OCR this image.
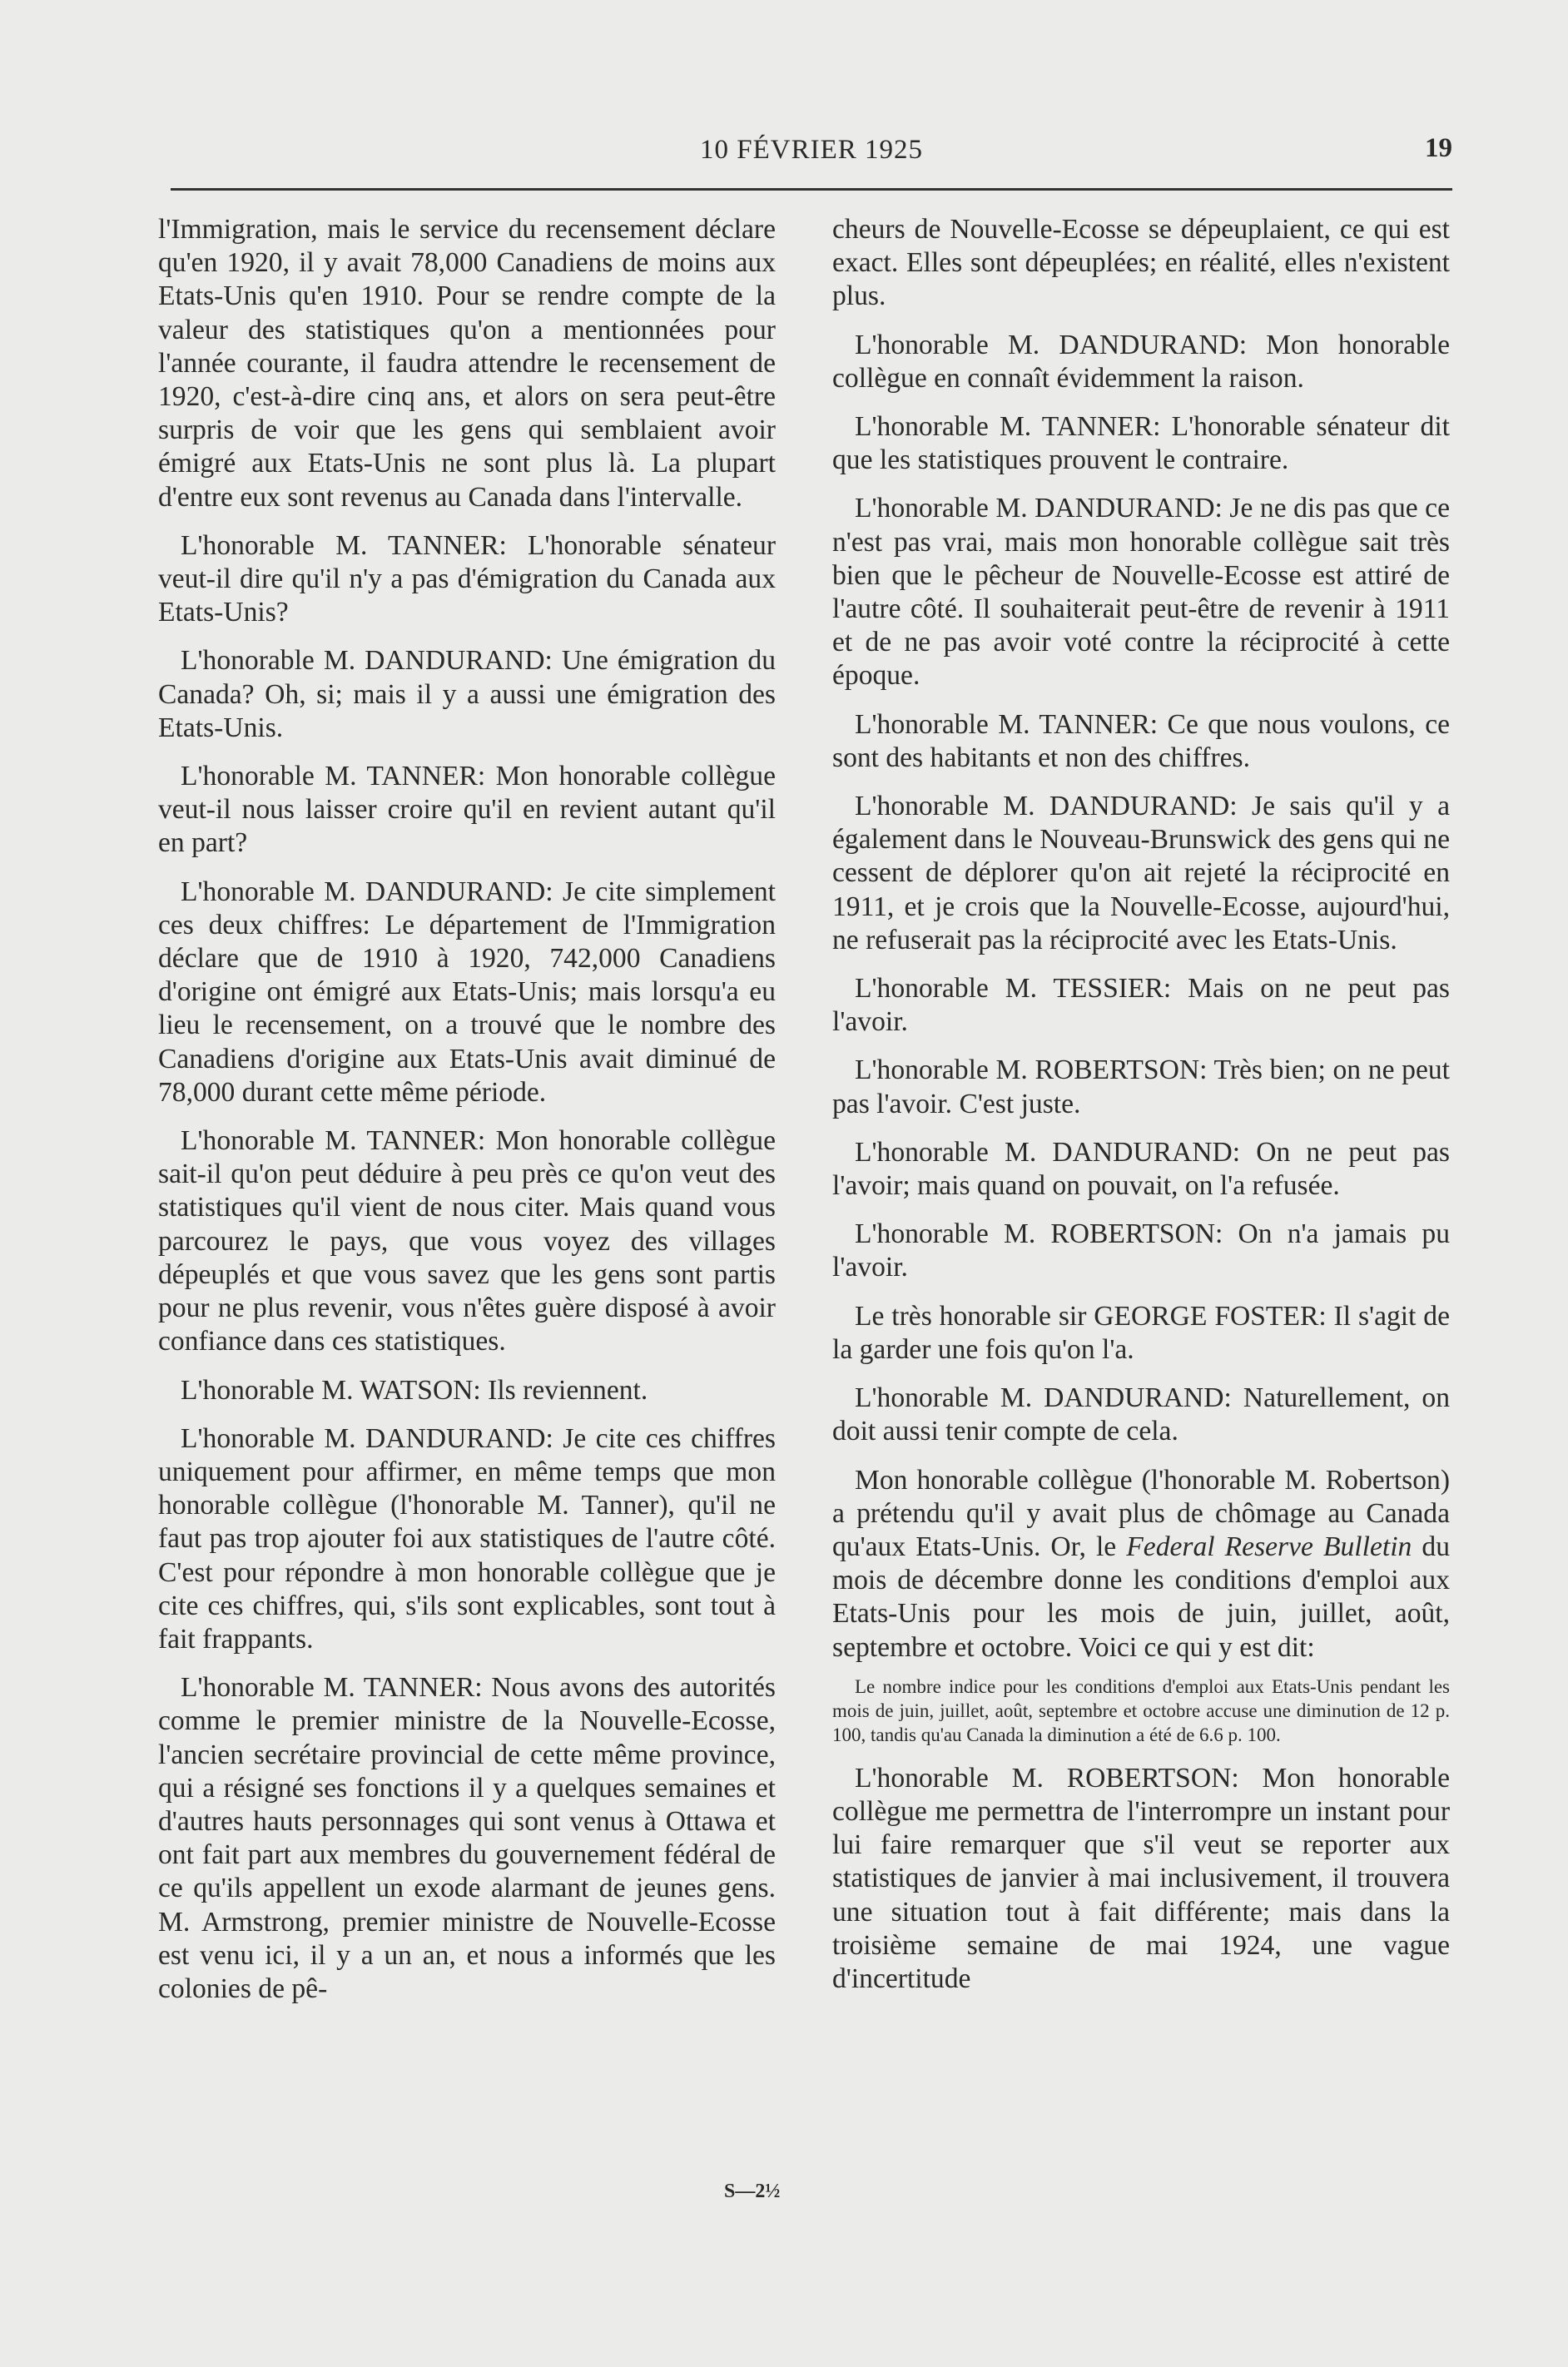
10 FÉVRIER 1925	19

l'Immigration, mais le service du recensement déclare qu'en 1920, il y avait 78,000 Canadiens de moins aux Etats-Unis qu'en 1910. Pour se rendre compte de la valeur des statistiques qu'on a mentionnées pour l'année courante, il faudra attendre le recensement de 1920, c'est-à-dire cinq ans, et alors on sera peut-être surpris de voir que les gens qui semblaient avoir émigré aux Etats-Unis ne sont plus là. La plupart d'entre eux sont revenus au Canada dans l'intervalle.

L'honorable M. TANNER: L'honorable sénateur veut-il dire qu'il n'y a pas d'émigration du Canada aux Etats-Unis?

L'honorable M. DANDURAND: Une émigration du Canada? Oh, si; mais il y a aussi une émigration des Etats-Unis.

L'honorable M. TANNER: Mon honorable collègue veut-il nous laisser croire qu'il en revient autant qu'il en part?

L'honorable M. DANDURAND: Je cite simplement ces deux chiffres: Le département de l'Immigration déclare que de 1910 à 1920, 742,000 Canadiens d'origine ont émigré aux Etats-Unis; mais lorsqu'a eu lieu le recensement, on a trouvé que le nombre des Canadiens d'origine aux Etats-Unis avait diminué de 78,000 durant cette même période.

L'honorable M. TANNER: Mon honorable collègue sait-il qu'on peut déduire à peu près ce qu'on veut des statistiques qu'il vient de nous citer. Mais quand vous parcourez le pays, que vous voyez des villages dépeuplés et que vous savez que les gens sont partis pour ne plus revenir, vous n'êtes guère disposé à avoir confiance dans ces statistiques.

L'honorable M. WATSON: Ils reviennent.

L'honorable M. DANDURAND: Je cite ces chiffres uniquement pour affirmer, en même temps que mon honorable collègue (l'honorable M. Tanner), qu'il ne faut pas trop ajouter foi aux statistiques de l'autre côté. C'est pour répondre à mon honorable collègue que je cite ces chiffres, qui, s'ils sont explicables, sont tout à fait frappants.

L'honorable M. TANNER: Nous avons des autorités comme le premier ministre de la Nouvelle-Ecosse, l'ancien secrétaire provincial de cette même province, qui a résigné ses fonctions il y a quelques semaines et d'autres hauts personnages qui sont venus à Ottawa et ont fait part aux membres du gouvernement fédéral de ce qu'ils appellent un exode alarmant de jeunes gens. M. Armstrong, premier ministre de Nouvelle-Ecosse est venu ici, il y a un an, et nous a informés que les colonies de pê-

cheurs de Nouvelle-Ecosse se dépeuplaient, ce qui est exact. Elles sont dépeuplées; en réalité, elles n'existent plus.

L'honorable M. DANDURAND: Mon honorable collègue en connaît évidemment la raison.

L'honorable M. TANNER: L'honorable sénateur dit que les statistiques prouvent le contraire.

L'honorable M. DANDURAND: Je ne dis pas que ce n'est pas vrai, mais mon honorable collègue sait très bien que le pêcheur de Nouvelle-Ecosse est attiré de l'autre côté. Il souhaiterait peut-être de revenir à 1911 et de ne pas avoir voté contre la réciprocité à cette époque.

L'honorable M. TANNER: Ce que nous voulons, ce sont des habitants et non des chiffres.

L'honorable M. DANDURAND: Je sais qu'il y a également dans le Nouveau-Brunswick des gens qui ne cessent de déplorer qu'on ait rejeté la réciprocité en 1911, et je crois que la Nouvelle-Ecosse, aujourd'hui, ne refuserait pas la réciprocité avec les Etats-Unis.

L'honorable M. TESSIER: Mais on ne peut pas l'avoir.

L'honorable M. ROBERTSON: Très bien; on ne peut pas l'avoir. C'est juste.

L'honorable M. DANDURAND: On ne peut pas l'avoir; mais quand on pouvait, on l'a refusée.

L'honorable M. ROBERTSON: On n'a jamais pu l'avoir.

Le très honorable sir GEORGE FOSTER: Il s'agit de la garder une fois qu'on l'a.

L'honorable M. DANDURAND: Naturellement, on doit aussi tenir compte de cela.

Mon honorable collègue (l'honorable M. Robertson) a prétendu qu'il y avait plus de chômage au Canada qu'aux Etats-Unis. Or, le Federal Reserve Bulletin du mois de décembre donne les conditions d'emploi aux Etats-Unis pour les mois de juin, juillet, août, septembre et octobre. Voici ce qui y est dit:

Le nombre indice pour les conditions d'emploi aux Etats-Unis pendant les mois de juin, juillet, août, septembre et octobre accuse une diminution de 12 p. 100, tandis qu'au Canada la diminution a été de 6.6 p. 100.

L'honorable M. ROBERTSON: Mon honorable collègue me permettra de l'interrompre un instant pour lui faire remarquer que s'il veut se reporter aux statistiques de janvier à mai inclusivement, il trouvera une situation tout à fait différente; mais dans la troisième semaine de mai 1924, une vague d'incertitude

S—2½
